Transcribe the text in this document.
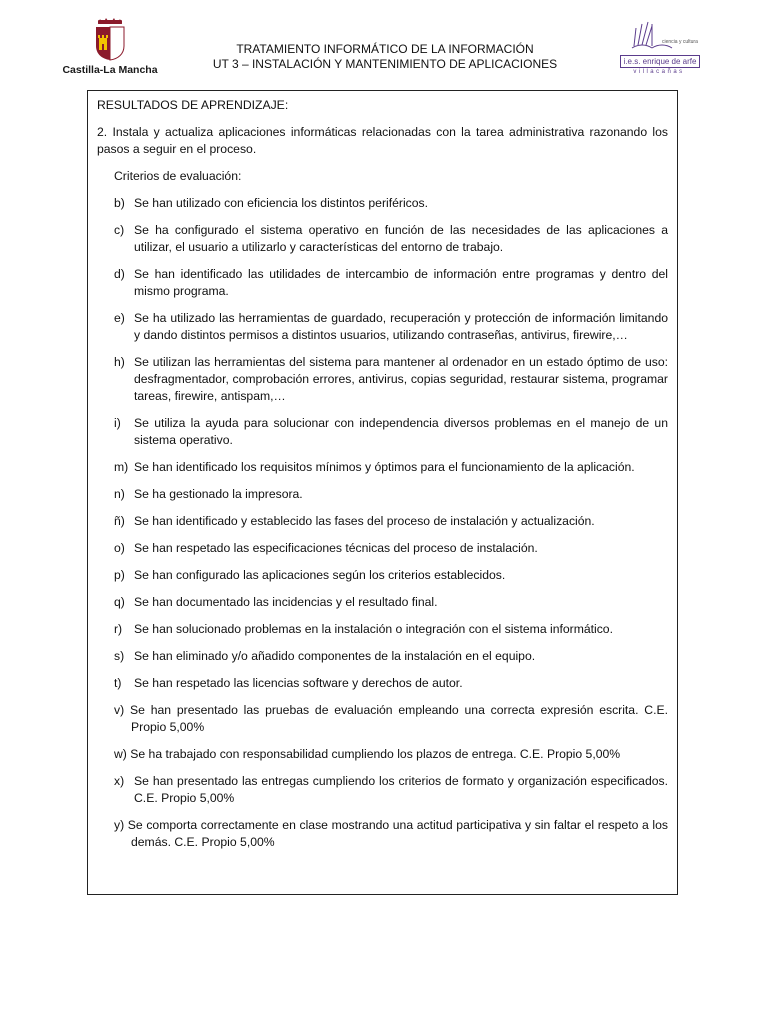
Castilla-La Mancha
TRATAMIENTO INFORMÁTICO DE LA INFORMACIÓN
UT 3 – INSTALACIÓN Y MANTENIMIENTO DE APLICACIONES
ciencia y cultura
i.e.s. enrique de arfe
villacañas
RESULTADOS DE APRENDIZAJE:
2. Instala y actualiza aplicaciones informáticas relacionadas con la tarea administrativa razonando los pasos a seguir en el proceso.
Criterios de evaluación:
b) Se han utilizado con eficiencia los distintos periféricos.
c) Se ha configurado el sistema operativo en función de las necesidades de las aplicaciones a utilizar, el usuario a utilizarlo y características del entorno de trabajo.
d) Se han identificado las utilidades de intercambio de información entre programas y dentro del mismo programa.
e) Se ha utilizado las herramientas de guardado, recuperación y protección de información limitando y dando distintos permisos a distintos usuarios, utilizando contraseñas, antivirus, firewire,…
h) Se utilizan las herramientas del sistema para mantener al ordenador en un estado óptimo de uso: desfragmentador, comprobación errores, antivirus, copias seguridad, restaurar sistema, programar tareas, firewire, antispam,…
i)	Se utiliza la ayuda para solucionar con independencia diversos problemas en el manejo de un sistema operativo.
m) Se han identificado los requisitos mínimos y óptimos para el funcionamiento de la aplicación.
n) Se ha gestionado la impresora.
ñ) Se han identificado y establecido las fases del proceso de instalación y actualización.
o) Se han respetado las especificaciones técnicas del proceso de instalación.
p) Se han configurado las aplicaciones según los criterios establecidos.
q) Se han documentado las incidencias y el resultado final.
r) Se han solucionado problemas en la instalación o integración con el sistema informático.
s) Se han eliminado y/o añadido componentes de la instalación en el equipo.
t)	Se han respetado las licencias software y derechos de autor.
v) Se han presentado las pruebas de evaluación empleando una correcta expresión escrita. C.E. Propio 5,00%
w) Se ha trabajado con responsabilidad cumpliendo los plazos de entrega. C.E. Propio 5,00%
x) Se han presentado las entregas cumpliendo los criterios de formato y organización especificados. C.E. Propio 5,00%
y) Se comporta correctamente en clase mostrando una actitud participativa y sin faltar el respeto a los demás. C.E. Propio 5,00%
